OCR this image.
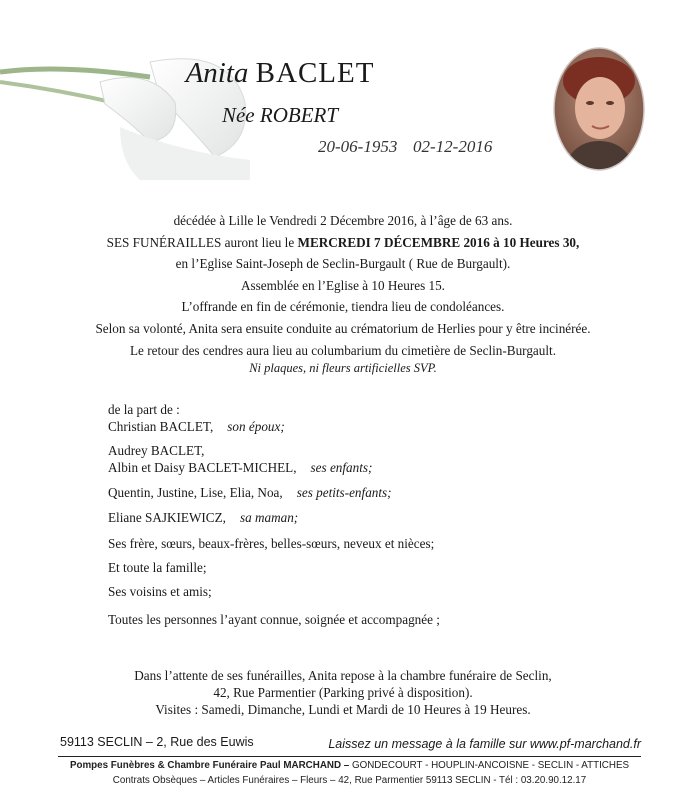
Anita BACLET
Née ROBERT
20-06-1953 02-12-2016

décédée à Lille le Vendredi 2 Décembre 2016, à l’âge de 63 ans.

SES FUNÉRAILLES auront lieu le MERCREDI 7 DÉCEMBRE 2016 à 10 Heures 30,

en l’Eglise Saint-Joseph de Seclin-Burgault ( Rue de Burgault).

Assemblée en l’Eglise à 10 Heures 15.

L’offrande en fin de cérémonie, tiendra lieu de condoléances.

Selon sa volonté, Anita sera ensuite conduite au crématorium de Herlies pour y être incinérée.

Le retour des cendres aura lieu au columbarium du cimetière de Seclin-Burgault.

Ni plaques, ni fleurs artificielles SVP.

de la part de :
Christian BACLET, son époux;
Audrey BACLET,
Albin et Daisy BACLET-MICHEL, ses enfants;
Quentin, Justine, Lise, Elia, Noa, ses petits-enfants;
Eliane SAJKIEWICZ, sa maman;
Ses frère, sœurs, beaux-frères, belles-sœurs, neveux et nièces;
Et toute la famille;
Ses voisins et amis;
Toutes les personnes l’ayant connue, soignée et accompagnée ;

Dans l’attente de ses funérailles, Anita repose à la chambre funéraire de Seclin,

42, Rue Parmentier (Parking privé à disposition).

Visites : Samedi, Dimanche, Lundi et Mardi de 10 Heures à 19 Heures.

59113 SECLIN – 2, Rue des Euwis	Laissez un message à la famille sur www.pf-marchand.fr
Pompes Funèbres & Chambre Funéraire Paul MARCHAND – GONDECOURT - HOUPLIN-ANCOISNE - SECLIN - ATTICHES
Contrats Obsèques – Articles Funéraires – Fleurs – 42, Rue Parmentier 59113 SECLIN - Tél : 03.20.90.12.17
